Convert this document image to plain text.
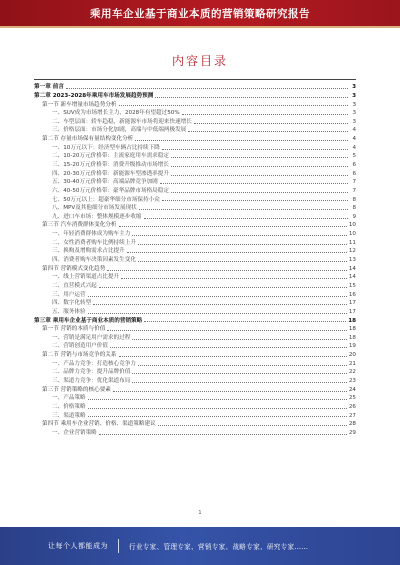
乘用车企业基于商业本质的营销策略研究报告
内容目录
第一章 前言	3
第二章 2023-2028年乘用车市场发展趋势预测	3
第一节 新车增量市场趋势分析	3
一、SUV成为市场增长主力，2028年有望超过50%	3
二、车型层面：轿车趋稳，新能源车市场将迎来快速增长	3
三、价格层面：市场分化加剧，高端与中低端两极发展	4
第二节 存量市场保有量结构变化分析	4
一、10万元以下：经济型车辆占比持续下降	4
二、10-20万元价格带：主流家庭用车需求稳定	5
三、15-20万元价格带：消费升级推动市场增长	6
四、20-30万元价格带：新能源车型渗透率提升	6
五、30-40万元价格带：高端品牌竞争加剧	7
六、40-50万元价格带：豪华品牌市场格局稳定	7
七、50万元以上：超豪华细分市场保持小众	8
八、MPV及其他细分市场发展现状	8
九、进口车市场：整体规模逐步收缩	9
第三节 汽车消费群体变化分析	10
一、年轻消费群体成为购车主力	10
二、女性消费者购车比例持续上升	11
三、换购及增购需求占比提升	12
四、消费者购车决策因素发生变化	13
第四节 营销模式变化趋势	14
一、线上营销渠道占比提升	14
二、直营模式兴起	15
三、用户运营	16
四、数字化转型	17
五、服务体验	17
第三章 乘用车企业基于商业本质的营销策略	18
第一节 营销的本质与价值	18
一、营销是满足用户需求的过程	18
二、营销创造用户价值	19
第二节 营销与市场竞争的关系	20
一、产品力竞争：打造核心竞争力	21
二、品牌力竞争：提升品牌价值	22
三、渠道力竞争：优化渠道布局	23
第三节 营销策略的核心要素	24
一、产品策略	25
二、价格策略	26
三、渠道策略	27
第四节 乘用车企业营销、价格、渠道策略建议	28
一、企业营销策略	29
1
让每个人都能成为	行业专家、管理专家、营销专家、战略专家、研究专家……
